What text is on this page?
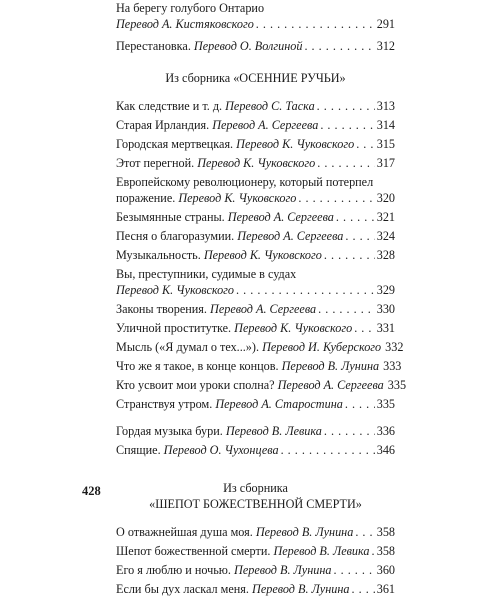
На берегу голубого Онтарио
Перевод А. Кистяковского . . .	291
Перестановка. Перевод О. Волгиной . . .	312
Из сборника «ОСЕННИЕ РУЧЬИ»
Как следствие и т. д. Перевод С. Таска . . .	313
Старая Ирландия. Перевод А. Сергеева . . .	314
Городская мертвецкая. Перевод К. Чуковского . . . 315
Этот перегной. Перевод К. Чуковского . . .	317
Европейскому революционеру, который потерпел
поражение. Перевод К. Чуковского . . .	320
Безымянные страны. Перевод А. Сергеева . . .	321
Песня о благоразумии. Перевод А. Сергеева . . .	324
Музыкальность. Перевод К. Чуковского . . .	328
Вы, преступники, судимые в судах
Перевод К. Чуковского . . .	329
Законы творения. Перевод А. Сергеева . . .	330
Уличной проститутке. Перевод К. Чуковского . . . 331
Мысль («Я думал о тех...»). Перевод И. Куберского 332
Что же я такое, в конце концов. Перевод В. Лунина 333
Кто усвоит мои уроки сполна? Перевод А. Сергеева 335
Странствуя утром. Перевод А. Старостина . . .	335
Гордая музыка бури. Перевод В. Левика . . .	336
Спящие. Перевод О. Чухонцева . . .	346
Из сборника
«ШЕПОТ БОЖЕСТВЕННОЙ СМЕРТИ»
О отважнейшая душа моя. Перевод В. Лунина . . . 358
Шепот божественной смерти. Перевод В. Левика . . . 358
Его я люблю и ночью. Перевод В. Лунина . . .	360
Если бы дух ласкал меня. Перевод В. Лунина . . . 361
428
